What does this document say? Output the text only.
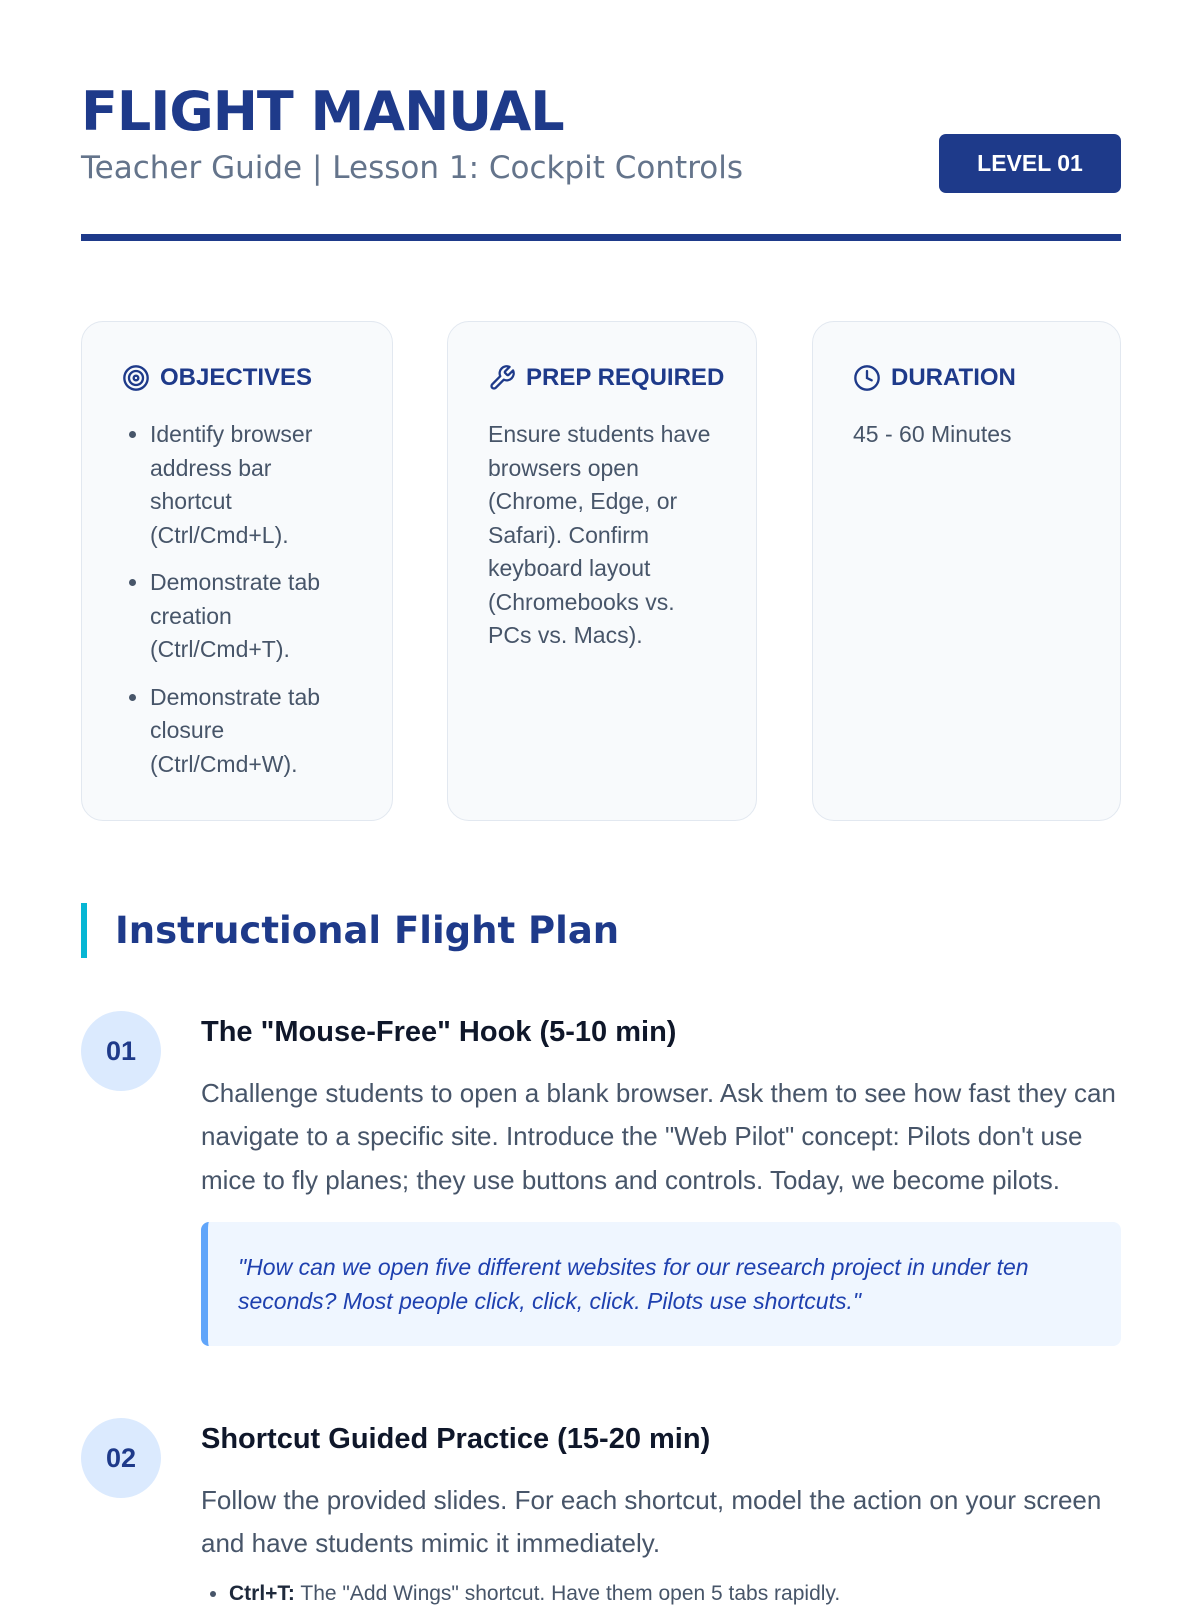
FLIGHT MANUAL
Teacher Guide | Lesson 1: Cockpit Controls	LEVEL 01
OBJECTIVES
• Identify browser address bar shortcut (Ctrl/Cmd+L).
• Demonstrate tab creation (Ctrl/Cmd+T).
• Demonstrate tab closure (Ctrl/Cmd+W).
PREP REQUIRED
Ensure students have browsers open (Chrome, Edge, or Safari). Confirm keyboard layout (Chromebooks vs. PCs vs. Macs).
DURATION
45 - 60 Minutes
Instructional Flight Plan
01
The "Mouse-Free" Hook (5-10 min)

Challenge students to open a blank browser. Ask them to see how fast they can navigate to a specific site. Introduce the "Web Pilot" concept: Pilots don't use mice to fly planes; they use buttons and controls. Today, we become pilots.

"How can we open five different websites for our research project in under ten seconds? Most people click, click, click. Pilots use shortcuts."
02
Shortcut Guided Practice (15-20 min)

Follow the provided slides. For each shortcut, model the action on your screen and have students mimic it immediately.

• Ctrl+T: The "Add Wings" shortcut. Have them open 5 tabs rapidly.
